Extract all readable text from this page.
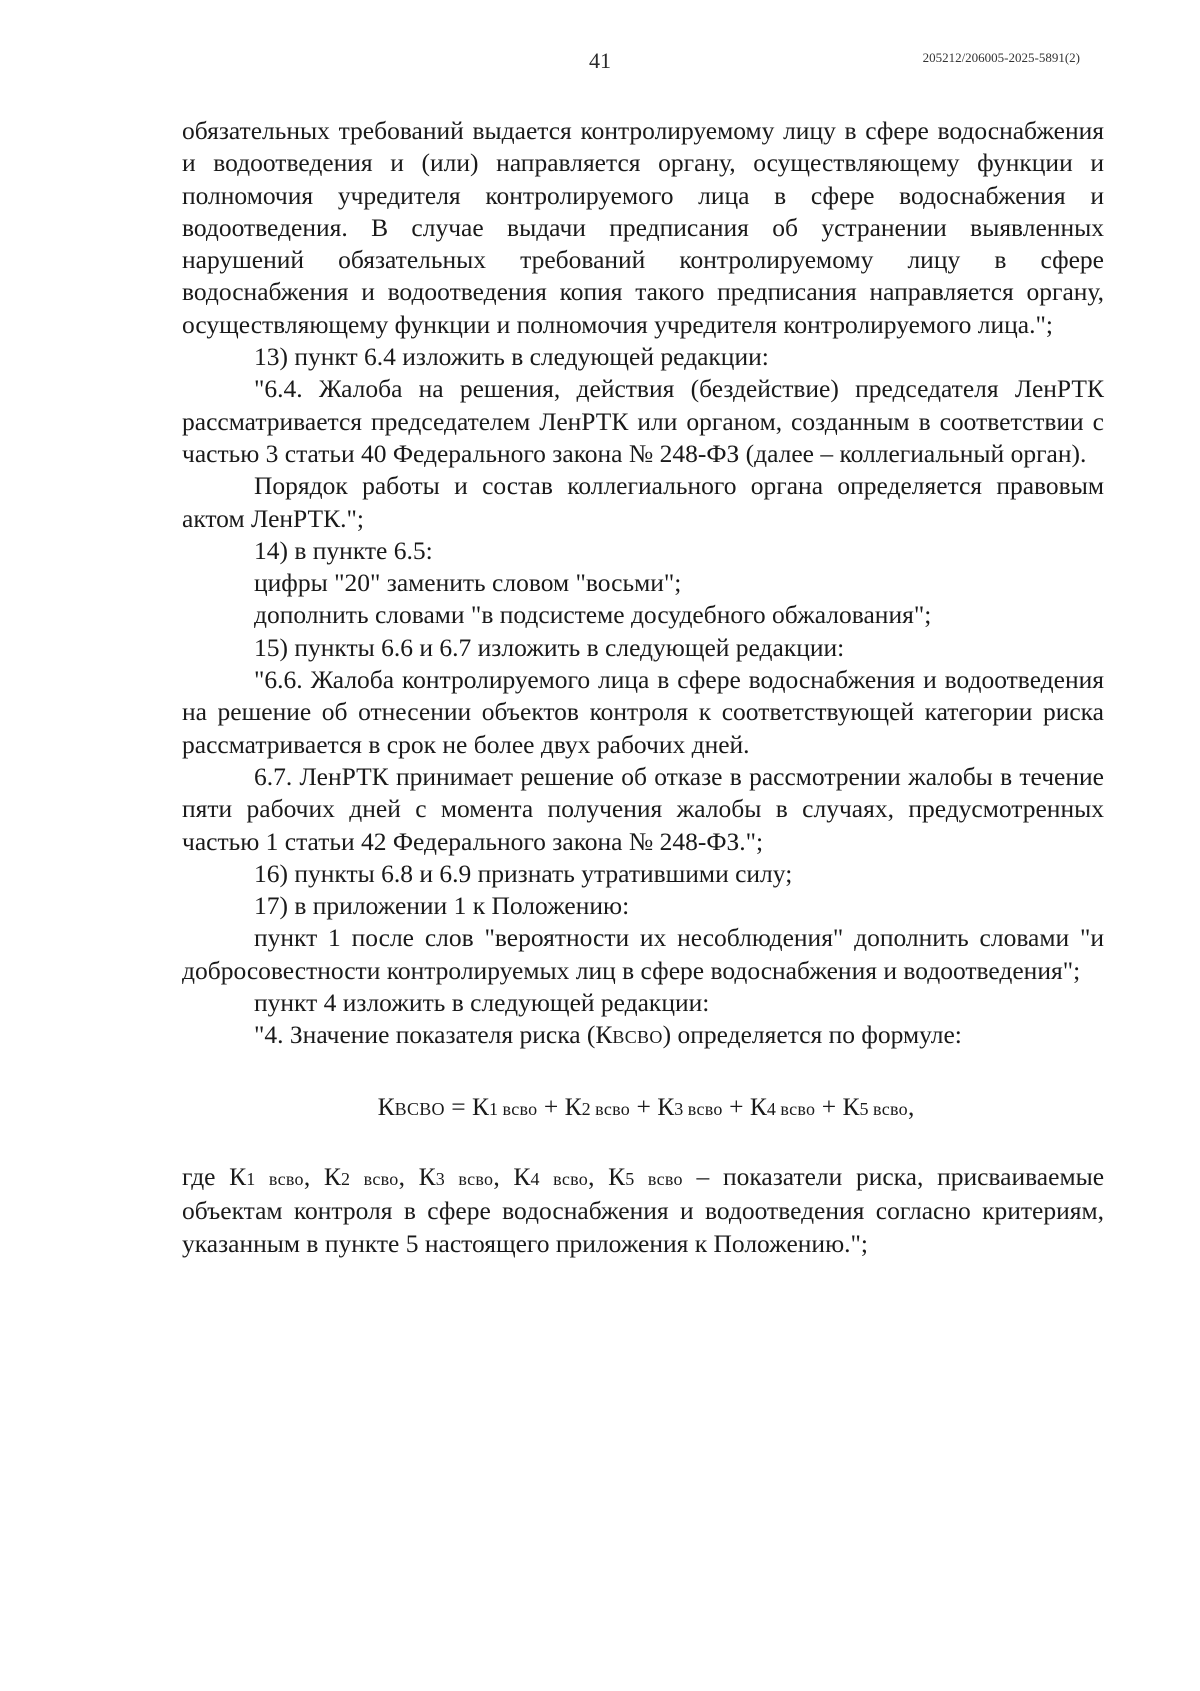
41	205212/206005-2025-5891(2)

обязательных требований выдается контролируемому лицу в сфере водоснабжения и водоотведения и (или) направляется органу, осуществляющему функции и полномочия учредителя контролируемого лица в сфере водоснабжения и водоотведения. В случае выдачи предписания об устранении выявленных нарушений обязательных требований контролируемому лицу в сфере водоснабжения и водоотведения копия такого предписания направляется органу, осуществляющему функции и полномочия учредителя контролируемого лица.";

13) пункт 6.4 изложить в следующей редакции:

"6.4. Жалоба на решения, действия (бездействие) председателя ЛенРТК рассматривается председателем ЛенРТК или органом, созданным в соответствии с частью 3 статьи 40 Федерального закона № 248-ФЗ (далее – коллегиальный орган).

Порядок работы и состав коллегиального органа определяется правовым актом ЛенРТК.";

14) в пункте 6.5:

цифры "20" заменить словом "восьми";

дополнить словами "в подсистеме досудебного обжалования";

15) пункты 6.6 и 6.7 изложить в следующей редакции:

"6.6. Жалоба контролируемого лица в сфере водоснабжения и водоотведения на решение об отнесении объектов контроля к соответствующей категории риска рассматривается в срок не более двух рабочих дней.

6.7. ЛенРТК принимает решение об отказе в рассмотрении жалобы в течение пяти рабочих дней с момента получения жалобы в случаях, предусмотренных частью 1 статьи 42 Федерального закона № 248-ФЗ.";

16) пункты 6.8 и 6.9 признать утратившими силу;

17) в приложении 1 к Положению:

пункт 1 после слов "вероятности их несоблюдения" дополнить словами "и добросовестности контролируемых лиц в сфере водоснабжения и водоотведения";

пункт 4 изложить в следующей редакции:

"4. Значение показателя риска (КВСВО) определяется по формуле:

КВСВО = К1 всво + К2 всво + К3 всво + К4 всво + К5 всво,

где К1 всво, К2 всво, К3 всво, К4 всво, К5 всво – показатели риска, присваиваемые объектам контроля в сфере водоснабжения и водоотведения согласно критериям, указанным в пункте 5 настоящего приложения к Положению.";
